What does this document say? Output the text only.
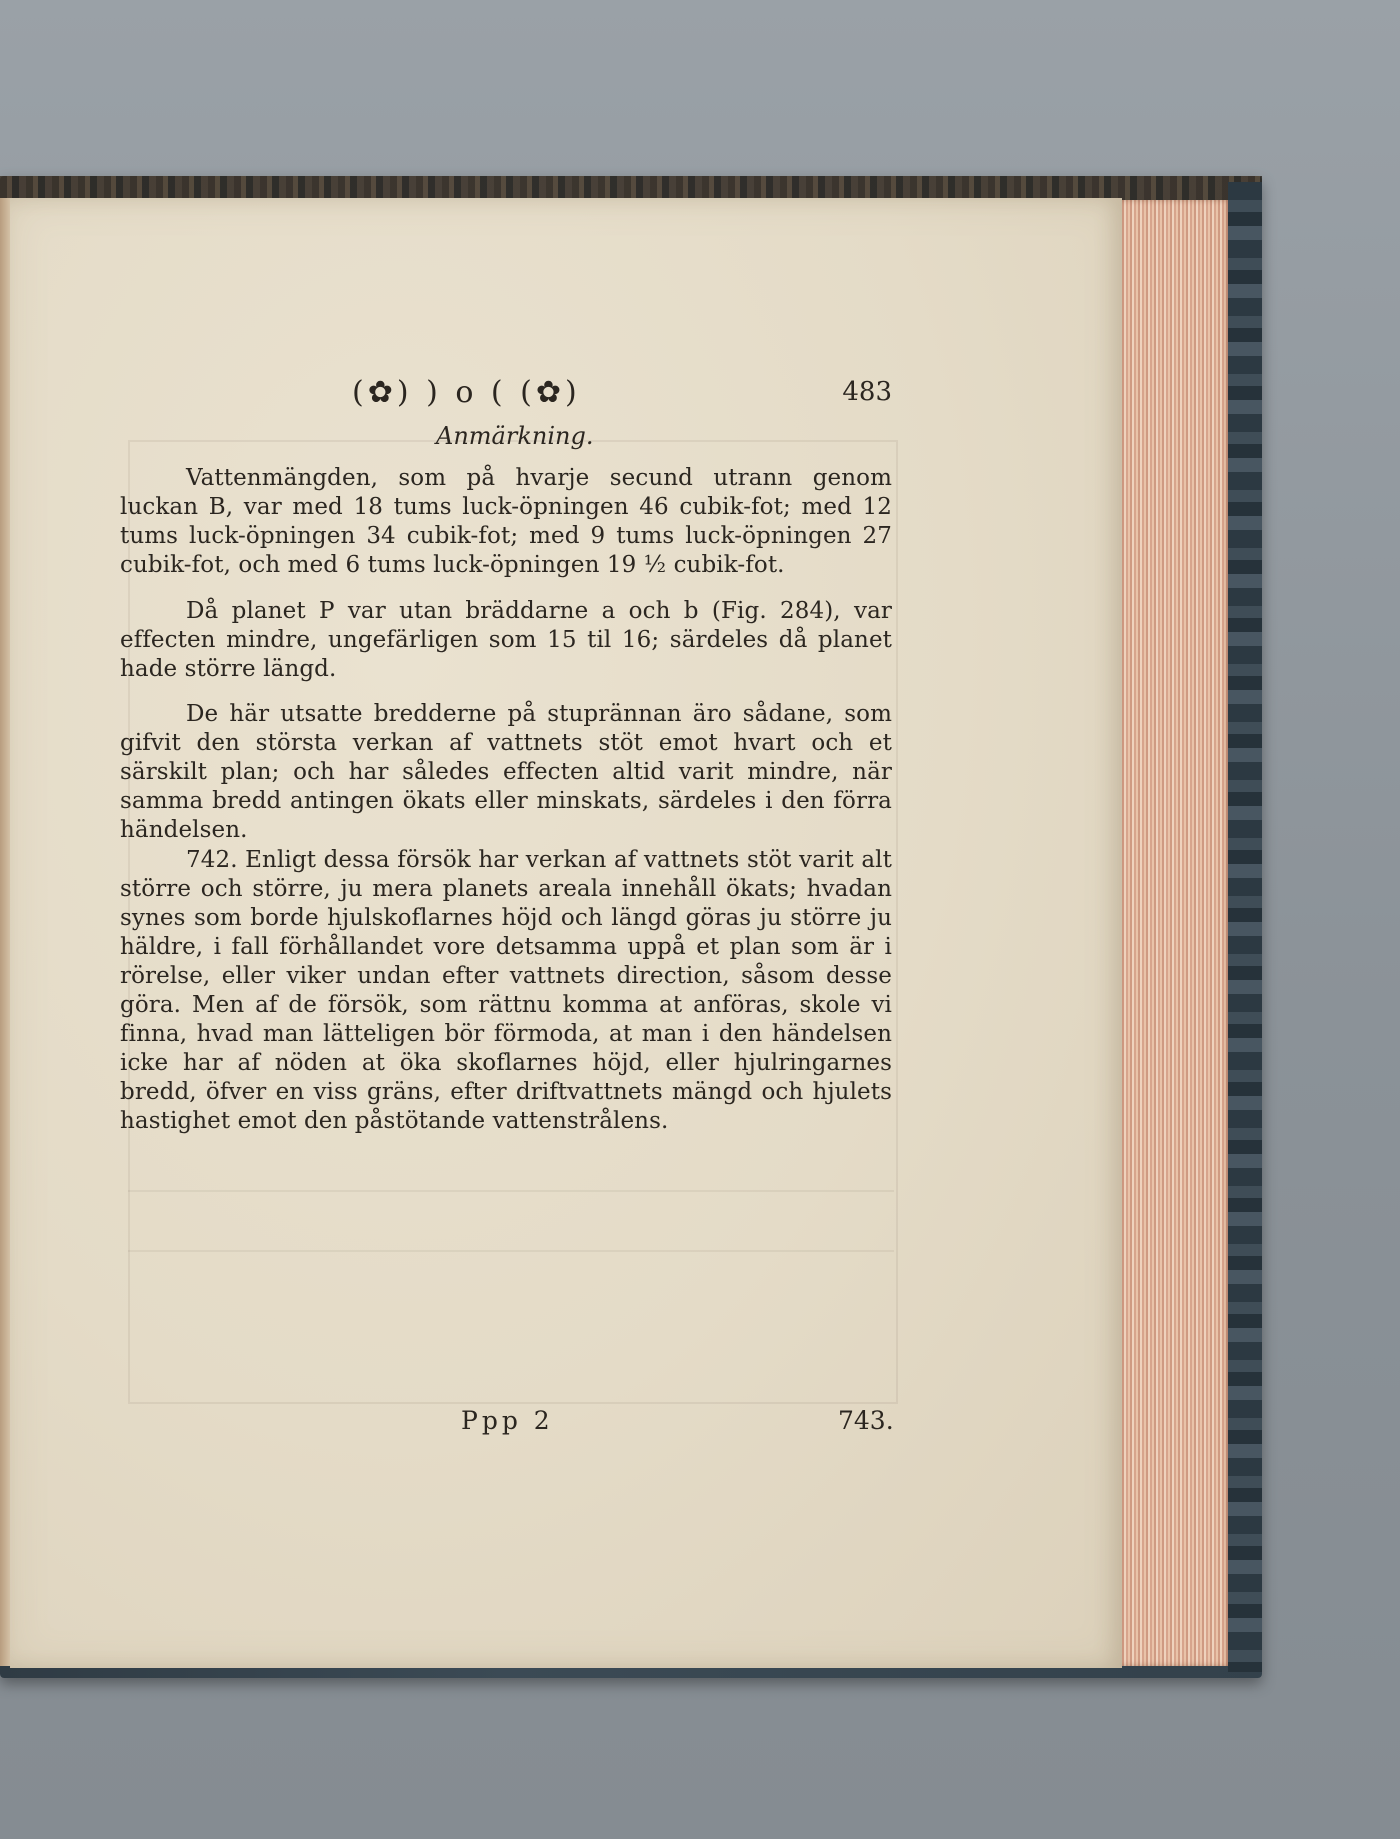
(✿) ) o ( (✿)	483
Anmärkning.

Vattenmängden, som på hvarje secund utrann genom luckan B, var med 18 tums luck-öpningen 46 cubik-fot; med 12 tums luck-öpningen 34 cubik-fot; med 9 tums luck-öpningen 27 cubik-fot, och med 6 tums luck-öpningen 19 ½ cubik-fot.

Då planet P var utan bräddarne a och b (Fig. 284), var effecten mindre, ungefärligen som 15 til 16; särdeles då planet hade större längd.

De här utsatte bredderne på stuprännan äro sådane, som gifvit den största verkan af vattnets stöt emot hvart och et särskilt plan; och har således effecten altid varit mindre, när samma bredd antingen ökats eller minskats, särdeles i den förra händelsen.

742. Enligt dessa försök har verkan af vattnets stöt varit alt större och större, ju mera planets areala innehåll ökats; hvadan synes som borde hjulskoflarnes höjd och längd göras ju större ju häldre, i fall förhållandet vore detsamma uppå et plan som är i rörelse, eller viker undan efter vattnets direction, såsom desse göra. Men af de försök, som rättnu komma at anföras, skole vi finna, hvad man lätteligen bör förmoda, at man i den händelsen icke har af nöden at öka skoflarnes höjd, eller hjulringarnes bredd, öfver en viss gräns, efter driftvattnets mängd och hjulets hastighet emot den påstötande vattenstrålens.

Ppp 2	743.
